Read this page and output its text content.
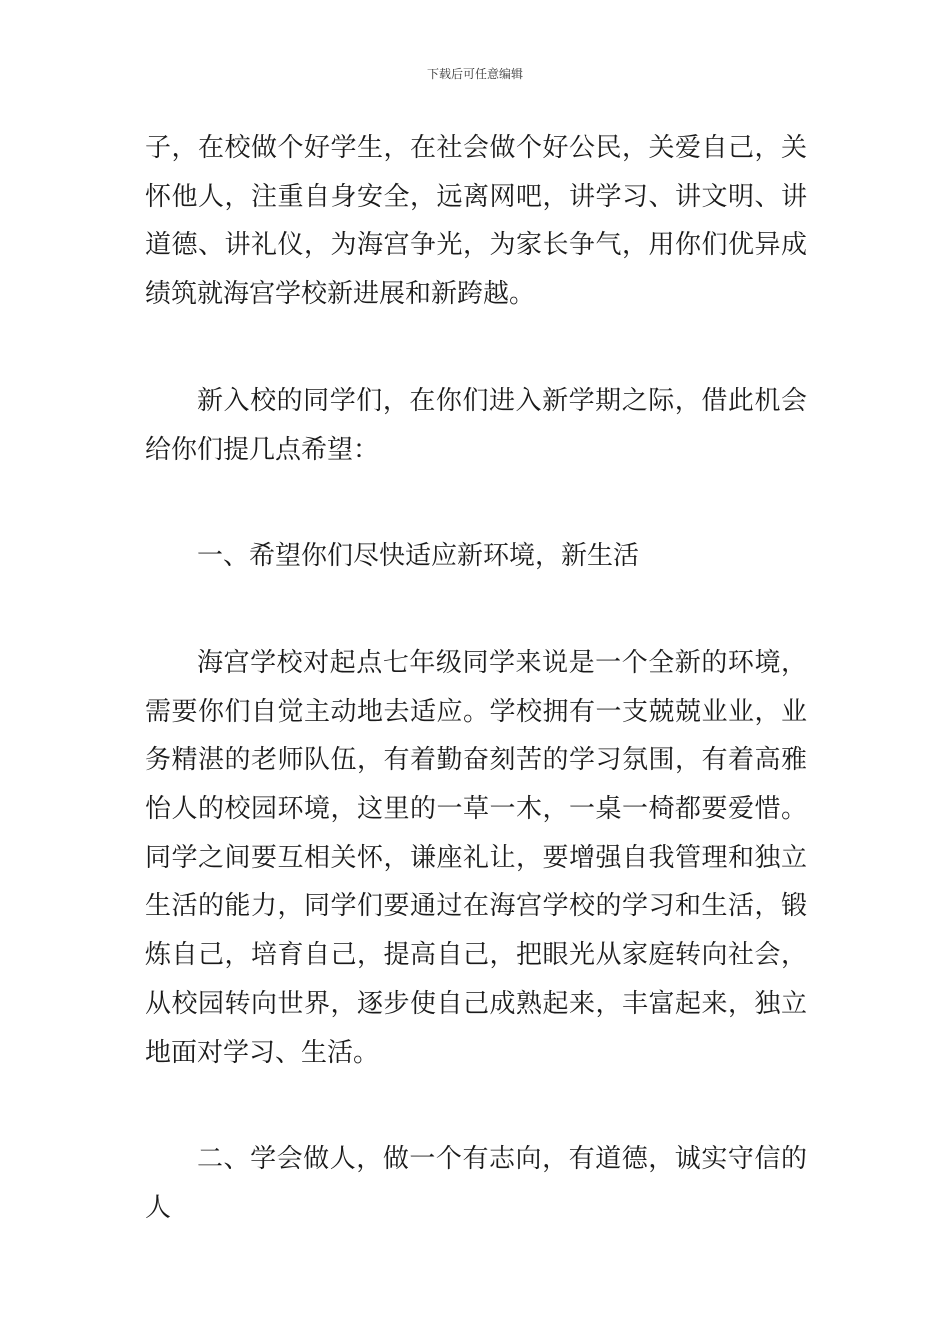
下载后可任意编辑

子，在校做个好学生，在社会做个好公民，关爱自己，关怀他人，注重自身安全，远离网吧，讲学习、讲文明、讲道德、讲礼仪，为海宫争光，为家长争气，用你们优异成绩筑就海宫学校新进展和新跨越。

新入校的同学们，在你们进入新学期之际，借此机会给你们提几点希望：

一、希望你们尽快适应新环境，新生活

海宫学校对起点七年级同学来说是一个全新的环境，需要你们自觉主动地去适应。学校拥有一支兢兢业业，业务精湛的老师队伍，有着勤奋刻苦的学习氛围，有着高雅怡人的校园环境，这里的一草一木，一桌一椅都要爱惜。同学之间要互相关怀，谦座礼让，要增强自我管理和独立生活的能力，同学们要通过在海宫学校的学习和生活，锻炼自己，培育自己，提高自己，把眼光从家庭转向社会，从校园转向世界，逐步使自己成熟起来，丰富起来，独立地面对学习、生活。

二、学会做人，做一个有志向，有道德，诚实守信的人
